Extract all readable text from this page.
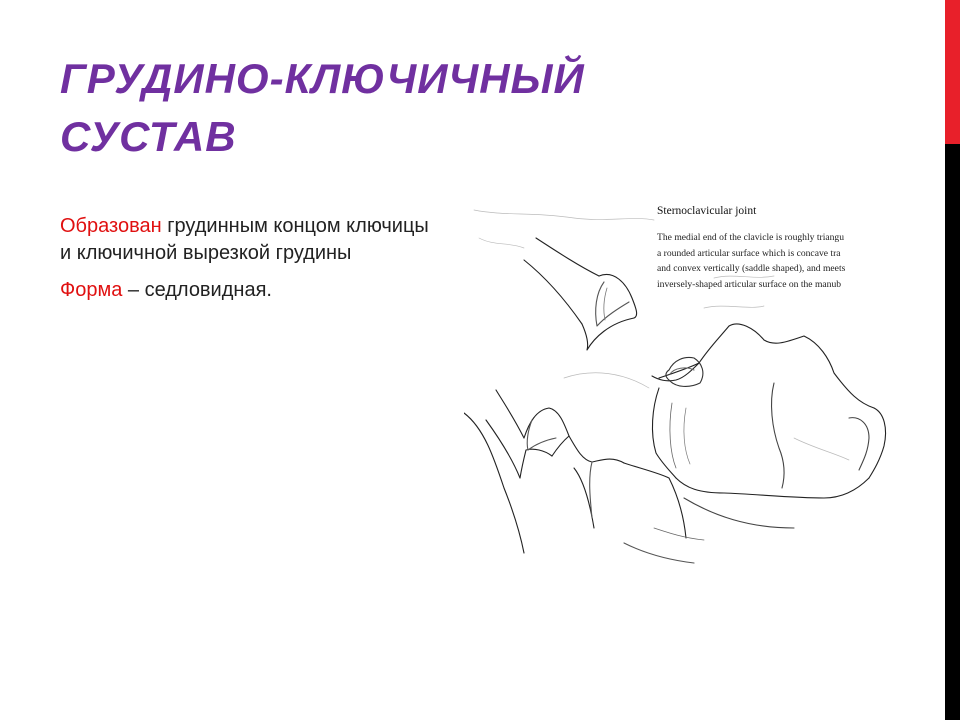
ГРУДИНО-КЛЮЧИЧНЫЙ
СУСТАВ

Образован грудинным концом ключицы и ключичной вырезкой грудины

Форма – седловидная.

Sternoclavicular joint
The medial end of the clavicle is roughly triangu
a rounded articular surface which is concave tra
and convex vertically (saddle shaped), and meets
inversely-shaped articular surface on the manub
